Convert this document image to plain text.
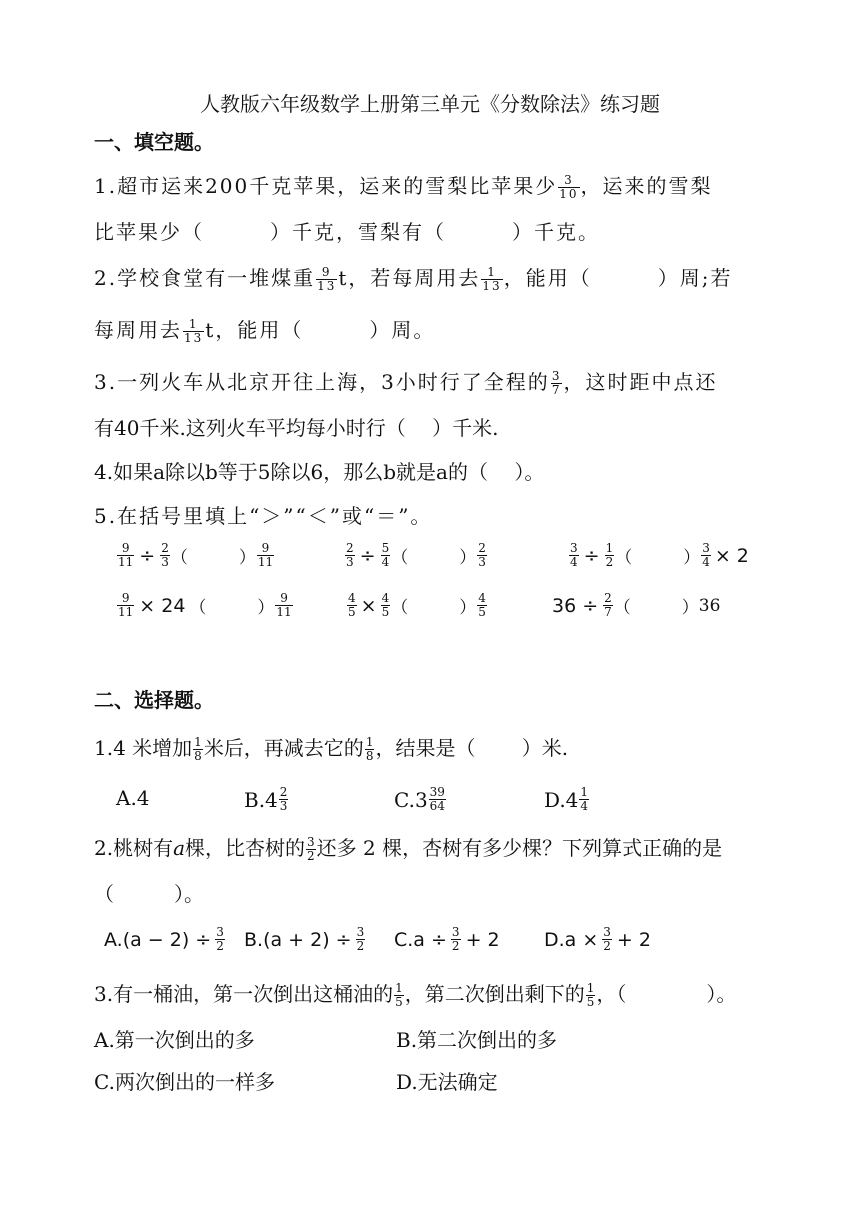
人教版六年级数学上册第三单元《分数除法》练习题
一、填空题。
1.超市运来200千克苹果，运来的雪梨比苹果少 $\frac{3}{10}$ ，运来的雪梨
比苹果少（　　　）千克，雪梨有（　　　）千克。
2.学校食堂有一堆煤重 $\frac{9}{13}$ t，若每周用去 $\frac{1}{13}$ ，能用（　　　）周;若
每周用去 $\frac{1}{13}$ t，能用（　　　）周。
3.一列火车从北京开往上海，3小时行了全程的 $\frac{3}{7}$ ，这时距中点还
有40千米.这列火车平均每小时行（　 ）千米.
4.如果a除以b等于5除以6，那么b就是a的（　 ）。
5.在括号里填上“＞”“＜”或“＝”。
$\frac{9}{11} \div \frac{2}{3}$ （　　　） $\frac{9}{11}$	$\frac{2}{3} \div \frac{5}{4}$ （　　　） $\frac{2}{3}$	$\frac{3}{4} \div \frac{1}{2}$ （　　　） $\frac{3}{4} \times 2$
$\frac{9}{11} \times 24$ （　　　） $\frac{9}{11}$	$\frac{4}{5} \times \frac{4}{5}$ （　　　） $\frac{4}{5}$	$36 \div \frac{2}{7}$ （　　　） 36
二、选择题。
1.4 米增加 $\frac{1}{8}$ 米后，再减去它的 $\frac{1}{8}$ ，结果是（　　 ）米.
A.4	$B.4 \frac{2}{3}$	$C.3 \frac{39}{64}$	$D.4 \frac{1}{4}$
2.桃树有a棵，比杏树的 $\frac{3}{2}$ 还多 2 棵，杏树有多少棵？下列算式正确的是
（　　　）。
$A.(a - 2) \div \frac{3}{2} B.(a + 2) \div \frac{3}{2} C.a \div \frac{3}{2} + 2$ $D.a \times \frac{3}{2} + 2$
3.有一桶油，第一次倒出这桶油的 $\frac{1}{5}$ ，第二次倒出剩下的 $\frac{1}{5}$ ，（　　　　）。
A.第一次倒出的多	B.第二次倒出的多
C.两次倒出的一样多	D.无法确定
